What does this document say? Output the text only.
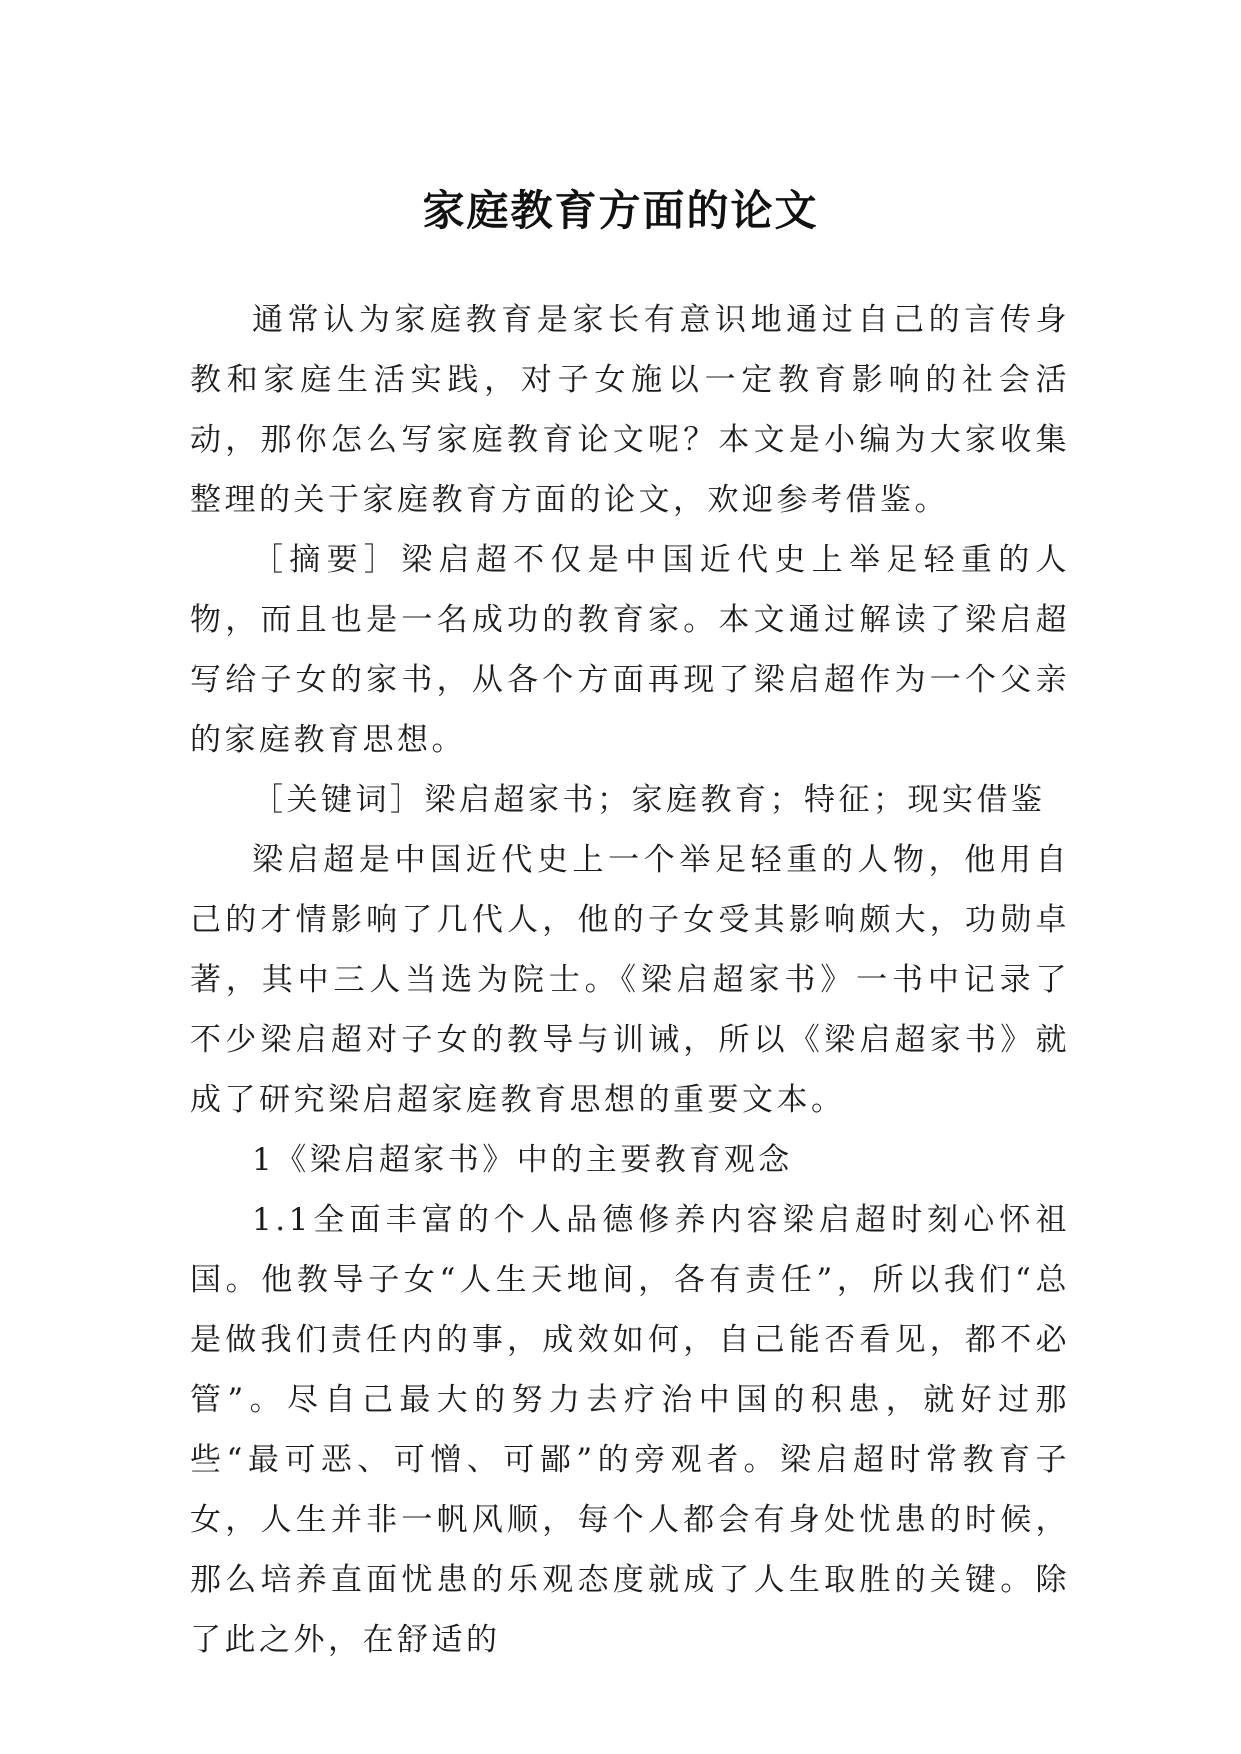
家庭教育方面的论文

通常认为家庭教育是家长有意识地通过自己的言传身教和家庭生活实践，对子女施以一定教育影响的社会活动，那你怎么写家庭教育论文呢？本文是小编为大家收集整理的关于家庭教育方面的论文，欢迎参考借鉴。

［摘要］梁启超不仅是中国近代史上举足轻重的人物，而且也是一名成功的教育家。本文通过解读了梁启超写给子女的家书，从各个方面再现了梁启超作为一个父亲的家庭教育思想。

［关键词］梁启超家书；家庭教育；特征；现实借鉴

梁启超是中国近代史上一个举足轻重的人物，他用自己的才情影响了几代人，他的子女受其影响颇大，功勋卓著，其中三人当选为院士。《梁启超家书》一书中记录了不少梁启超对子女的教导与训诫，所以《梁启超家书》就成了研究梁启超家庭教育思想的重要文本。

1《梁启超家书》中的主要教育观念

1.1全面丰富的个人品德修养内容梁启超时刻心怀祖国。他教导子女“人生天地间，各有责任”，所以我们“总是做我们责任内的事，成效如何，自己能否看见，都不必管”。尽自己最大的努力去疗治中国的积患，就好过那些“最可恶、可憎、可鄙”的旁观者。梁启超时常教育子女，人生并非一帆风顺，每个人都会有身处忧患的时候，那么培养直面忧患的乐观态度就成了人生取胜的关键。除了此之外，在舒适的
